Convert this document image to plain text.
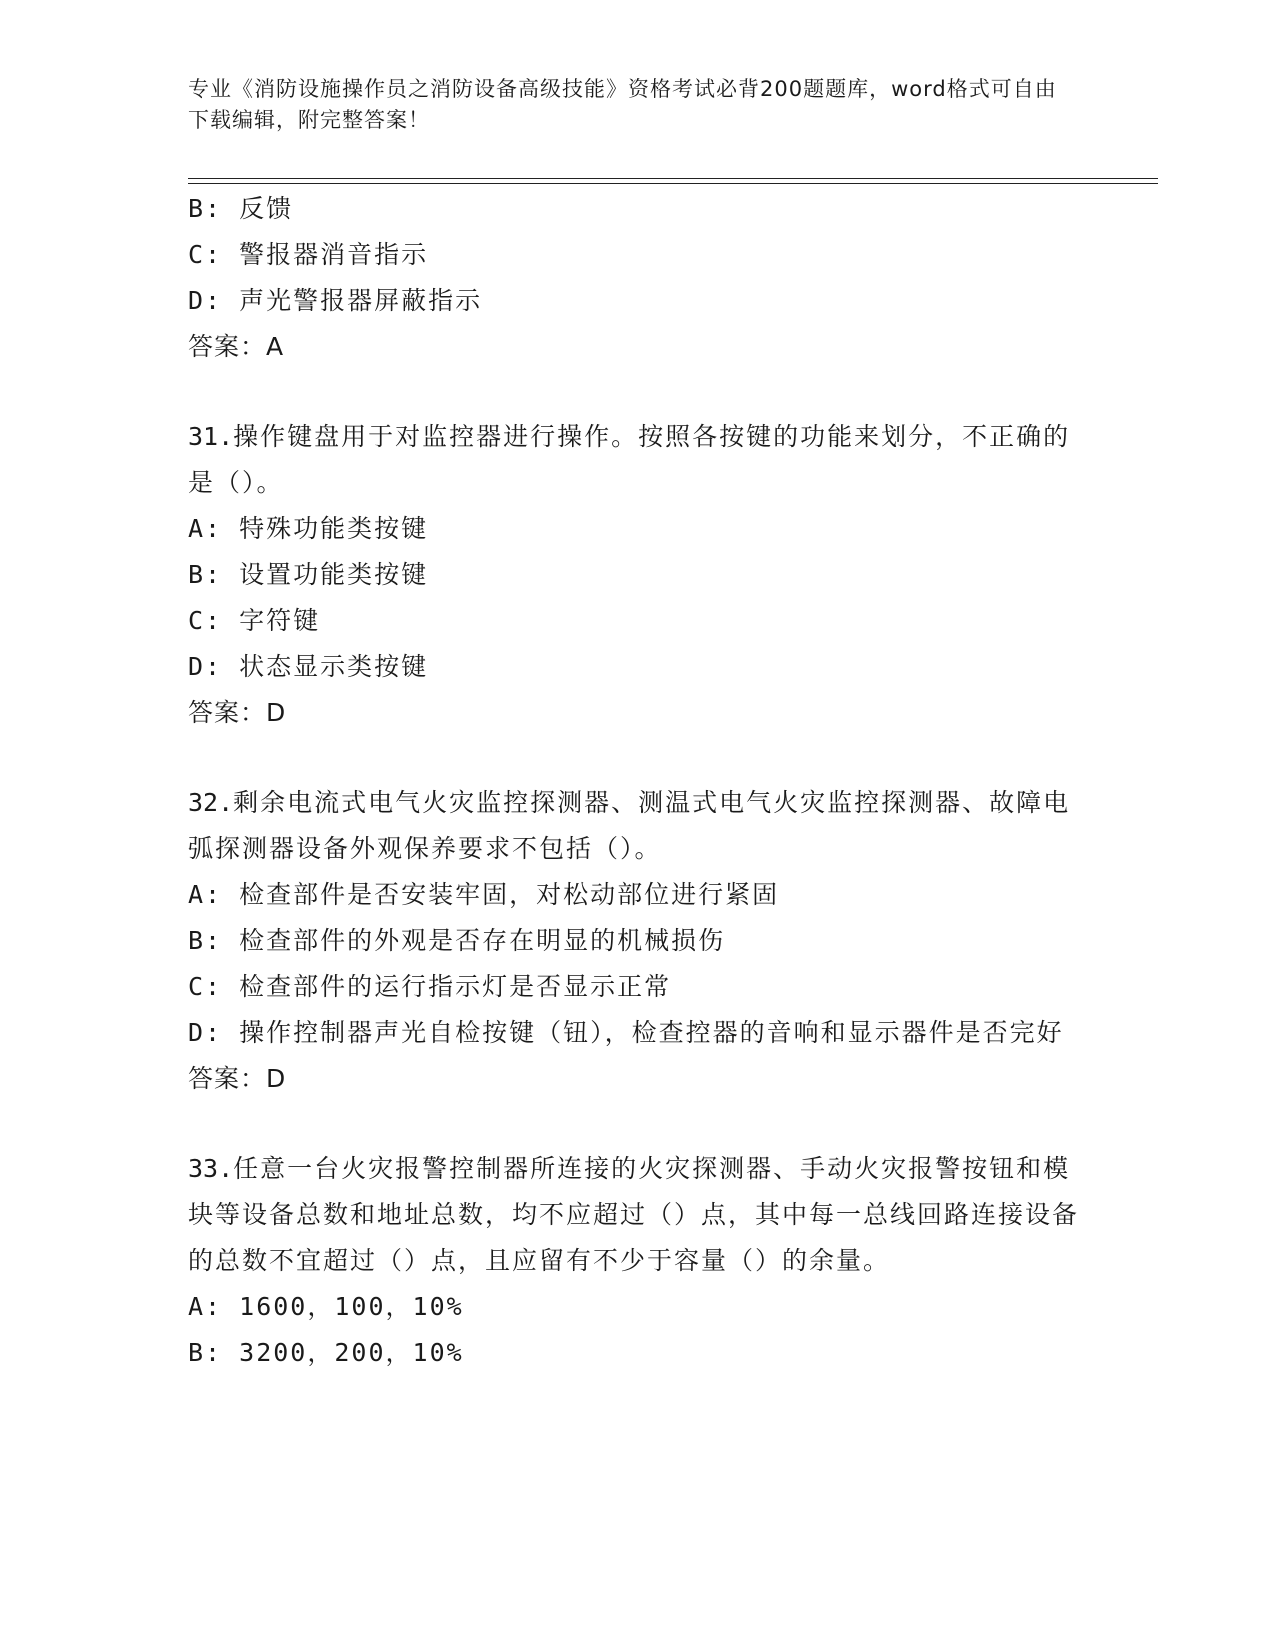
专业《消防设施操作员之消防设备高级技能》资格考试必背200题题库，word格式可自由下载编辑，附完整答案！
B: 反馈
C: 警报器消音指示
D: 声光警报器屏蔽指示
答案：A
31.操作键盘用于对监控器进行操作。按照各按键的功能来划分，不正确的是（）。
A: 特殊功能类按键
B: 设置功能类按键
C: 字符键
D: 状态显示类按键
答案：D
32.剩余电流式电气火灾监控探测器、测温式电气火灾监控探测器、故障电弧探测器设备外观保养要求不包括（）。
A: 检查部件是否安装牢固，对松动部位进行紧固
B: 检查部件的外观是否存在明显的机械损伤
C: 检查部件的运行指示灯是否显示正常
D: 操作控制器声光自检按键（钮），检查控器的音响和显示器件是否完好
答案：D
33.任意一台火灾报警控制器所连接的火灾探测器、手动火灾报警按钮和模块等设备总数和地址总数，均不应超过（）点，其中每一总线回路连接设备的总数不宜超过（）点，且应留有不少于容量（）的余量。
A: 1600，100，10%
B: 3200，200，10%
